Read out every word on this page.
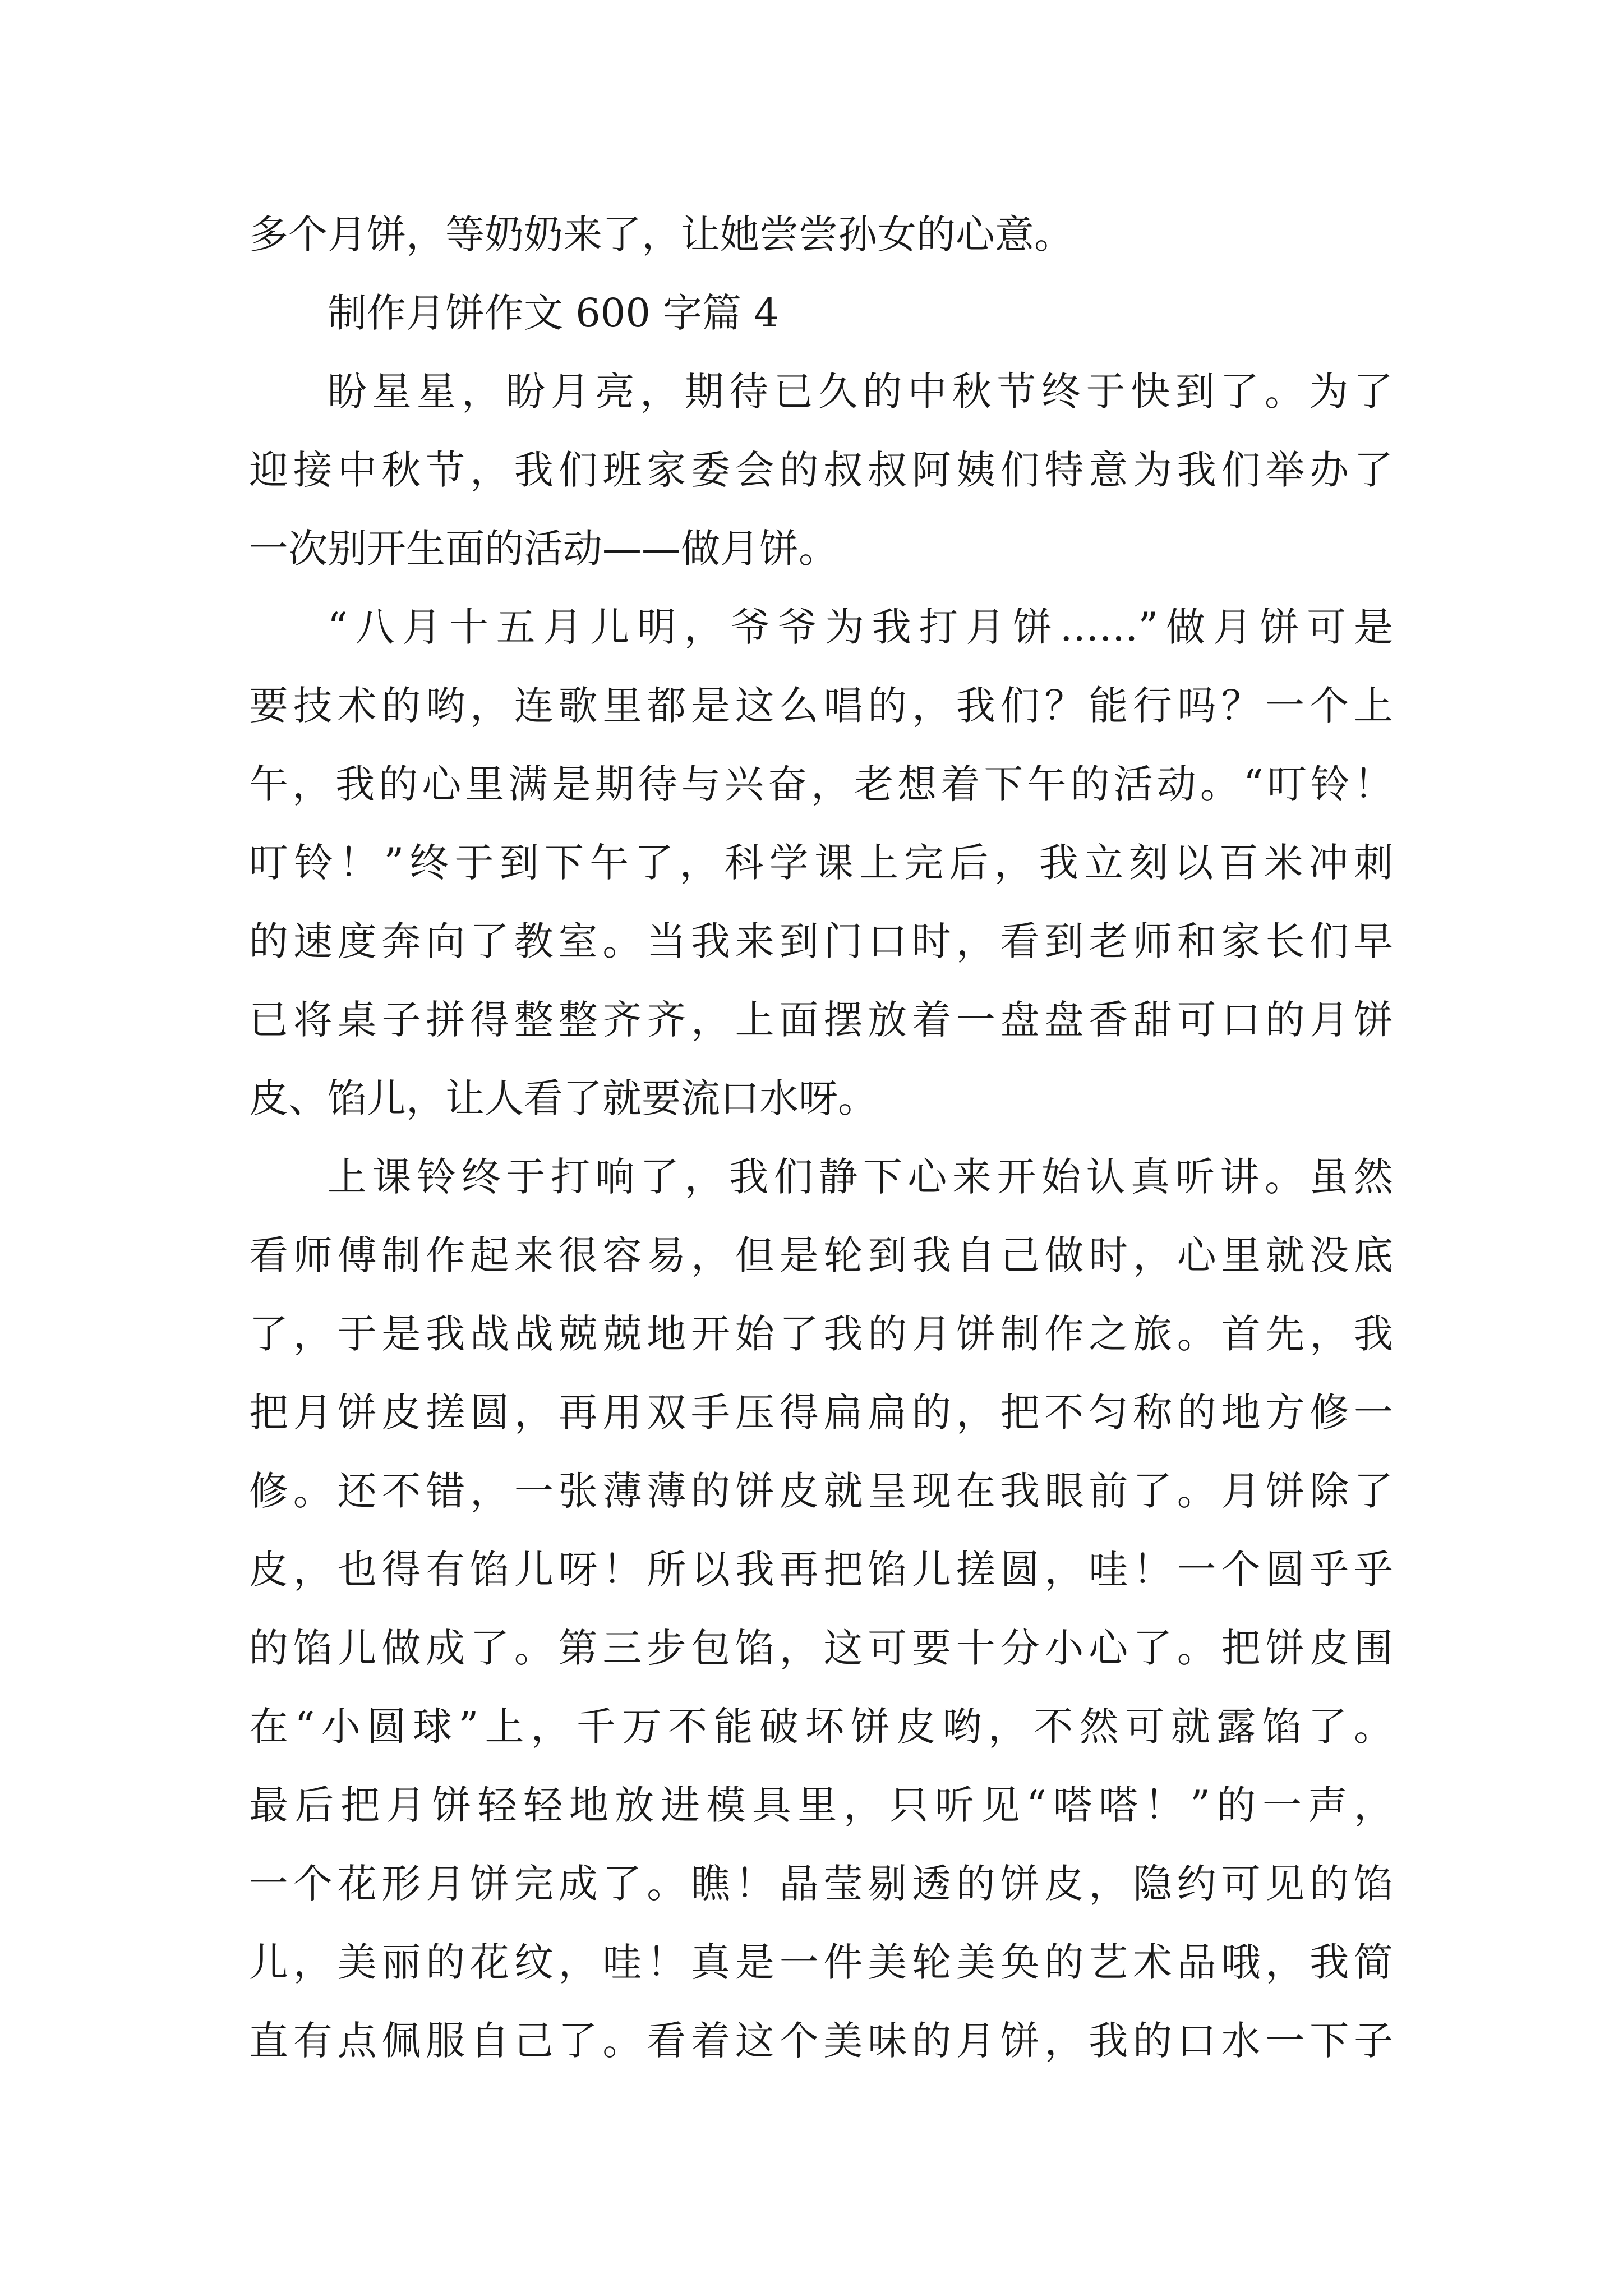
多个月饼，等奶奶来了，让她尝尝孙女的心意。
制作月饼作文 600 字篇 4
盼星星，盼月亮，期待已久的中秋节终于快到了。为了
迎接中秋节，我们班家委会的叔叔阿姨们特意为我们举办了
一次别开生面的活动——做月饼。
“八月十五月儿明，爷爷为我打月饼……”做月饼可是
要技术的哟，连歌里都是这么唱的，我们？能行吗？一个上
午，我的心里满是期待与兴奋，老想着下午的活动。“叮铃！
叮铃！”终于到下午了，科学课上完后，我立刻以百米冲刺
的速度奔向了教室。当我来到门口时，看到老师和家长们早
已将桌子拼得整整齐齐，上面摆放着一盘盘香甜可口的月饼
皮、馅儿，让人看了就要流口水呀。
上课铃终于打响了，我们静下心来开始认真听讲。虽然
看师傅制作起来很容易，但是轮到我自己做时，心里就没底
了，于是我战战兢兢地开始了我的月饼制作之旅。首先，我
把月饼皮搓圆，再用双手压得扁扁的，把不匀称的地方修一
修。还不错，一张薄薄的饼皮就呈现在我眼前了。月饼除了
皮，也得有馅儿呀！所以我再把馅儿搓圆，哇！一个圆乎乎
的馅儿做成了。第三步包馅，这可要十分小心了。把饼皮围
在“小圆球”上，千万不能破坏饼皮哟，不然可就露馅了。
最后把月饼轻轻地放进模具里，只听见“嗒嗒！”的一声，
一个花形月饼完成了。瞧！晶莹剔透的饼皮，隐约可见的馅
儿，美丽的花纹，哇！真是一件美轮美奂的艺术品哦，我简
直有点佩服自己了。看着这个美味的月饼，我的口水一下子
